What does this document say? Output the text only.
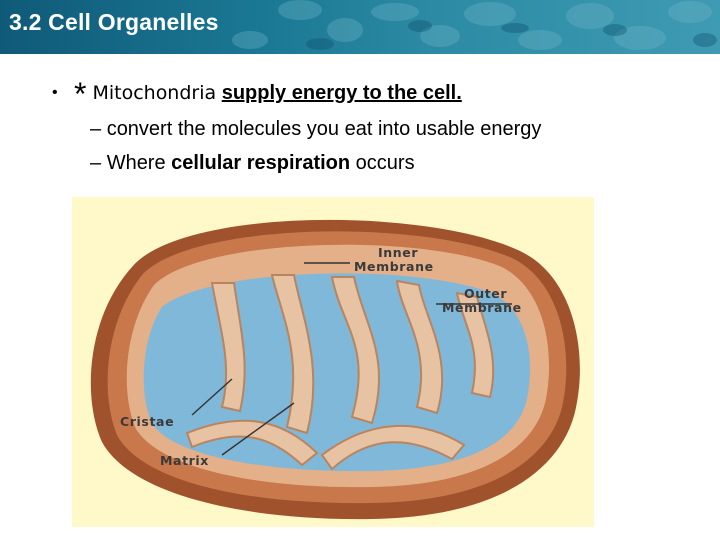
3.2 Cell Organelles
• * Mitochondria supply energy to the cell.
– convert the molecules you eat into usable energy
– Where cellular respiration occurs
Inner
Membrane
Outer
Membrane
Cristae
Matrix
